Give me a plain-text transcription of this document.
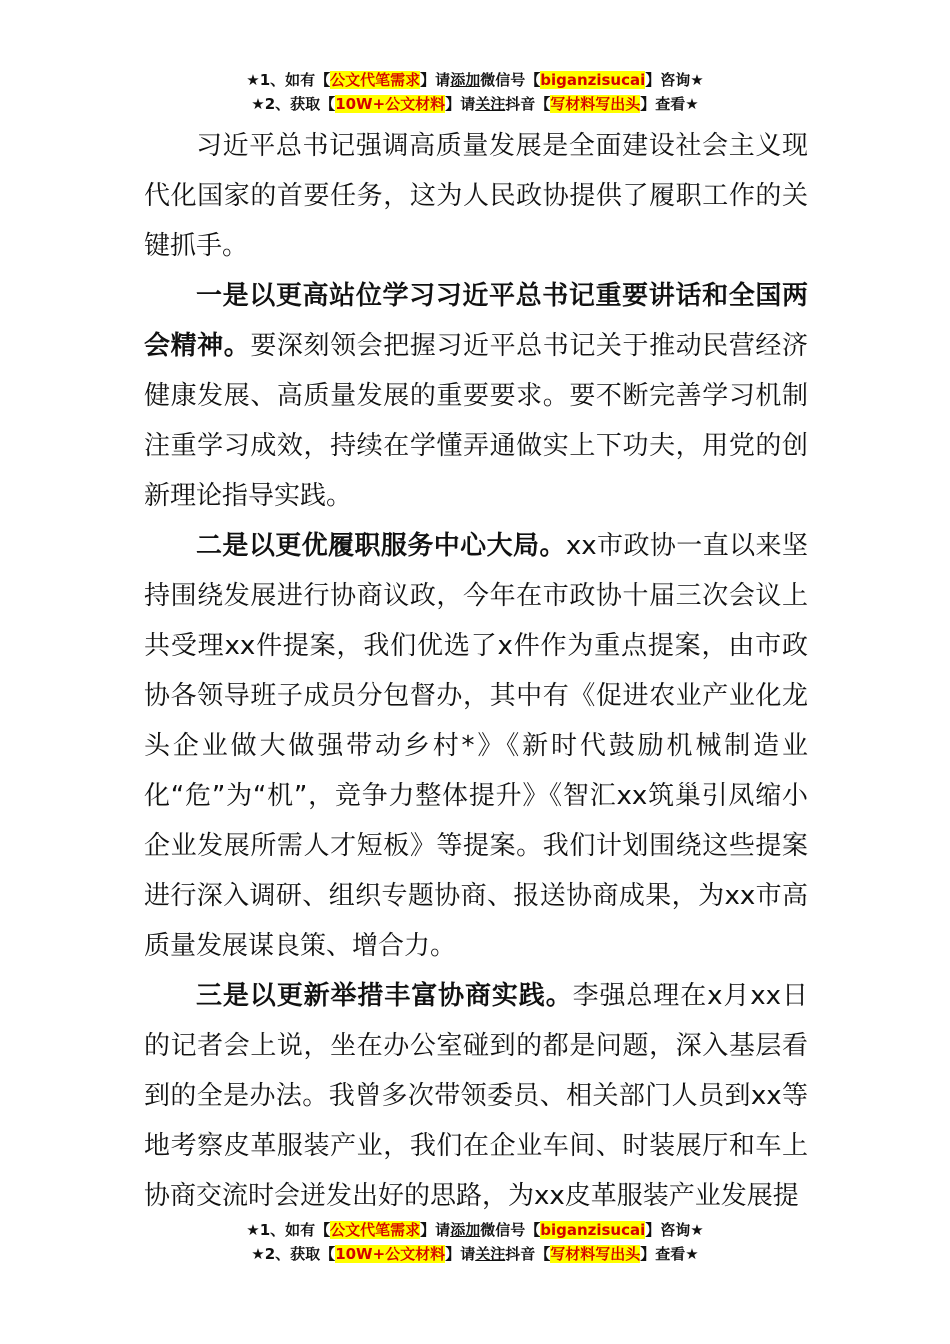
★1、如有【公文代笔需求】请添加微信号【biganzisucai】咨询★
★2、获取【10W+公文材料】请关注抖音【写材料写出头】查看★

习近平总书记强调高质量发展是全面建设社会主义现代化国家的首要任务，这为人民政协提供了履职工作的关键抓手。

一是以更高站位学习习近平总书记重要讲话和全国两会精神。要深刻领会把握习近平总书记关于推动民营经济健康发展、高质量发展的重要要求。要不断完善学习机制注重学习成效，持续在学懂弄通做实上下功夫，用党的创新理论指导实践。

二是以更优履职服务中心大局。xx市政协一直以来坚持围绕发展进行协商议政，今年在市政协十届三次会议上共受理xx件提案，我们优选了x件作为重点提案，由市政协各领导班子成员分包督办，其中有《促进农业产业化龙头企业做大做强带动乡村*》《新时代鼓励机械制造业化“危”为“机”，竞争力整体提升》《智汇xx筑巢引凤缩小企业发展所需人才短板》等提案。我们计划围绕这些提案进行深入调研、组织专题协商、报送协商成果，为xx市高质量发展谋良策、增合力。

三是以更新举措丰富协商实践。李强总理在x月xx日的记者会上说，坐在办公室碰到的都是问题，深入基层看到的全是办法。我曾多次带领委员、相关部门人员到xx等地考察皮革服装产业，我们在企业车间、时装展厅和车上协商交流时会迸发出好的思路，为xx皮革服装产业发展提

★1、如有【公文代笔需求】请添加微信号【biganzisucai】咨询★
★2、获取【10W+公文材料】请关注抖音【写材料写出头】查看★
